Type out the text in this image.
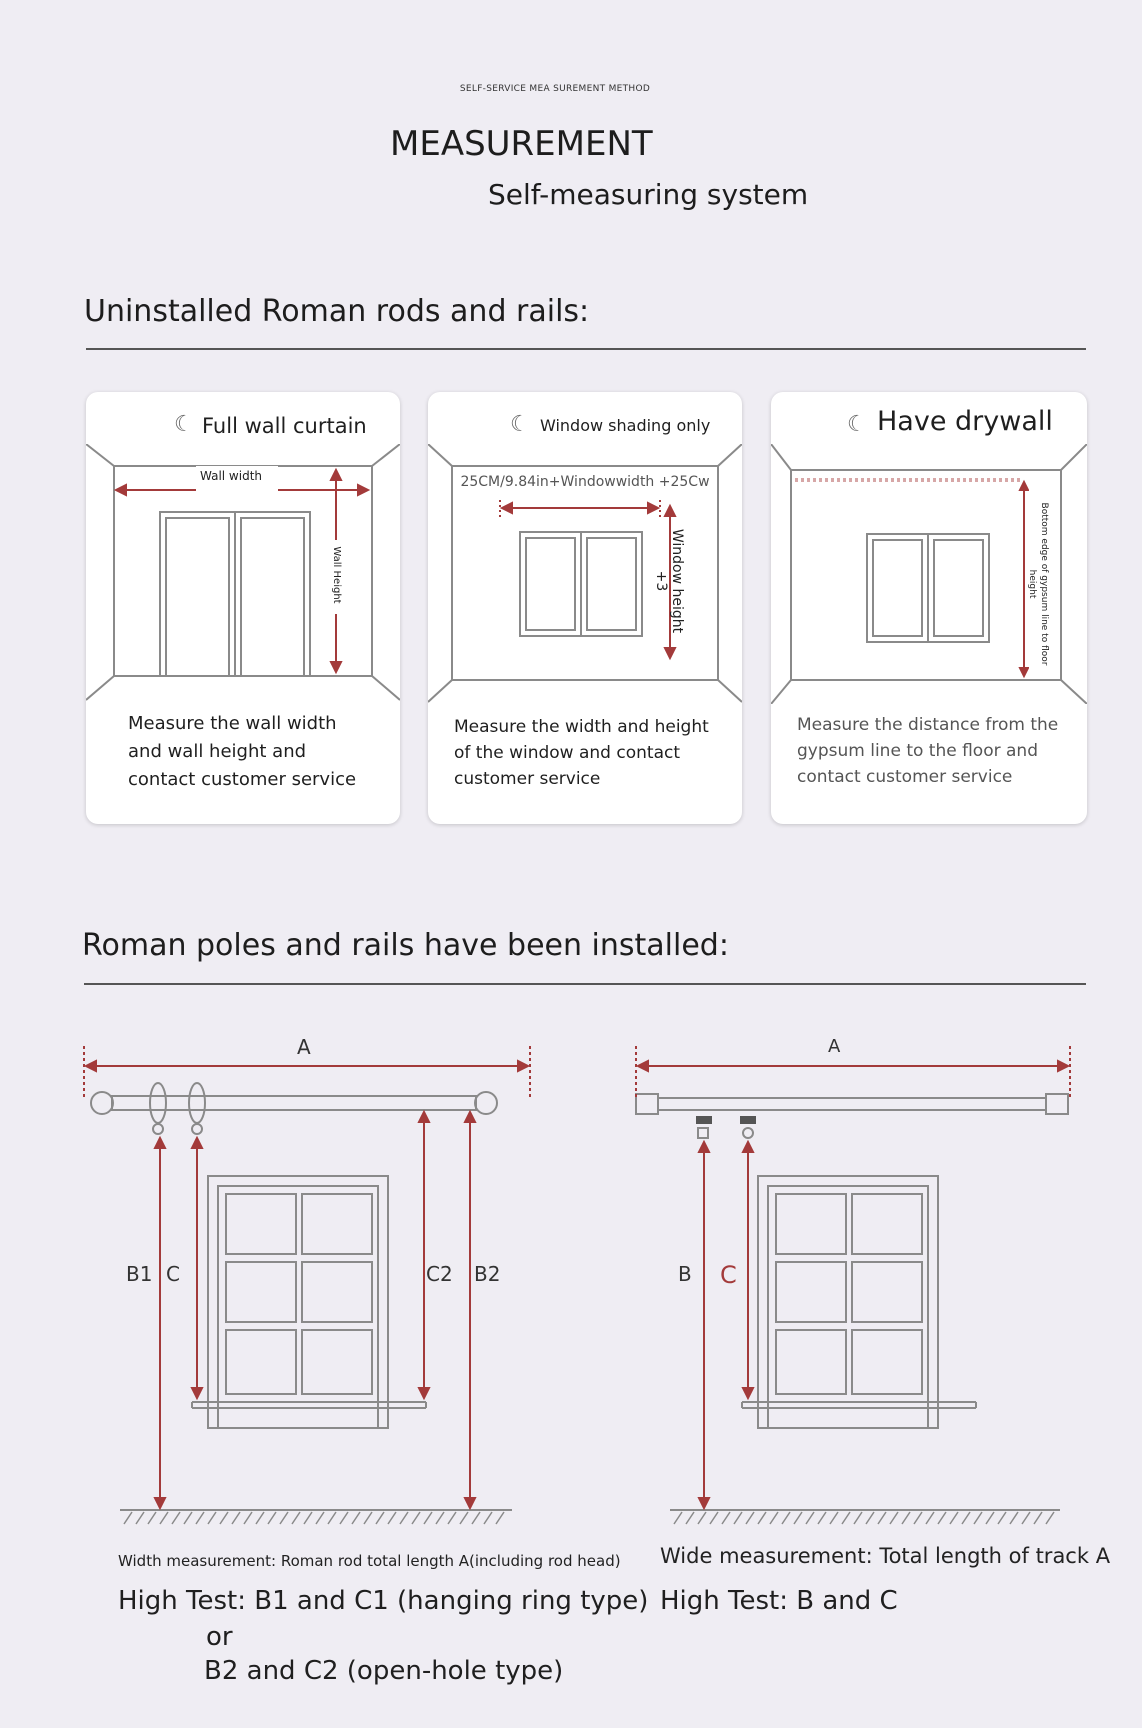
SELF-SERVICE MEA SUREMENT METHOD
MEASUREMENT
Self-measuring system
Uninstalled Roman rods and rails:
☾ Full wall curtain
Wall width
Wall Height
Measure the wall width
and wall height and
contact customer service
☾ Window shading only
25CM/9.84in+Windowwidth +25Cw
Window height +3
Measure the width and height
of the window and contact
customer service
☾ Have drywall
Bottom edge of gypsum line to floor height
Measure the distance from the
gypsum line to the floor and
contact customer service
Roman poles and rails have been installed:
A
B1 C	C2 B2
A
B C
Width measurement: Roman rod total length A(including rod head)
High Test: B1 and C1 (hanging ring type)
or
B2 and C2 (open-hole type)
Wide measurement: Total length of track A
High Test: B and C
